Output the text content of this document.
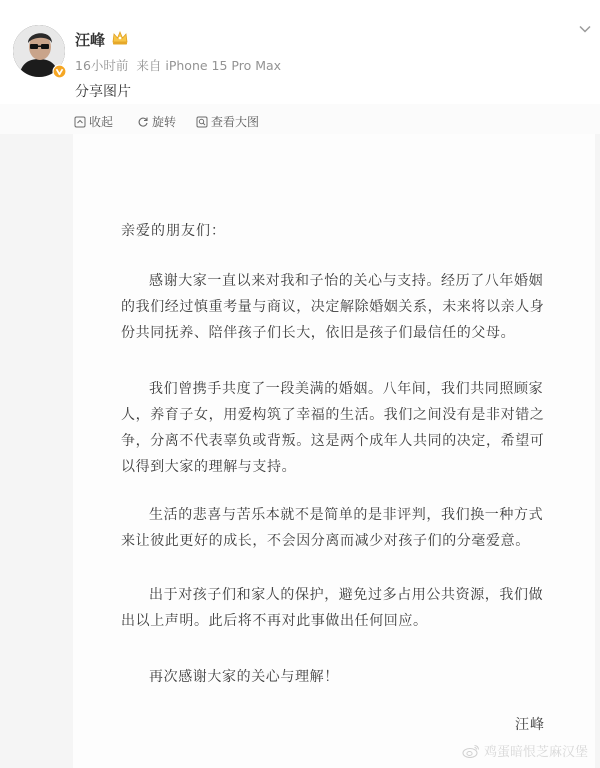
汪峰
16小时前 来自 iPhone 15 Pro Max
分享图片
收起	旋转	查看大图
亲爱的朋友们：

感谢大家一直以来对我和子怡的关心与支持。经历了八年婚姻的我们经过慎重考量与商议，决定解除婚姻关系，未来将以亲人身份共同抚养、陪伴孩子们长大，依旧是孩子们最信任的父母。

我们曾携手共度了一段美满的婚姻。八年间，我们共同照顾家人，养育子女，用爱构筑了幸福的生活。我们之间没有是非对错之争，分离不代表辜负或背叛。这是两个成年人共同的决定，希望可以得到大家的理解与支持。

生活的悲喜与苦乐本就不是简单的是非评判，我们换一种方式来让彼此更好的成长，不会因分离而减少对孩子们的分毫爱意。

出于对孩子们和家人的保护，避免过多占用公共资源，我们做出以上声明。此后将不再对此事做出任何回应。

再次感谢大家的关心与理解！
汪峰
鸡蛋暗恨芝麻汉堡
